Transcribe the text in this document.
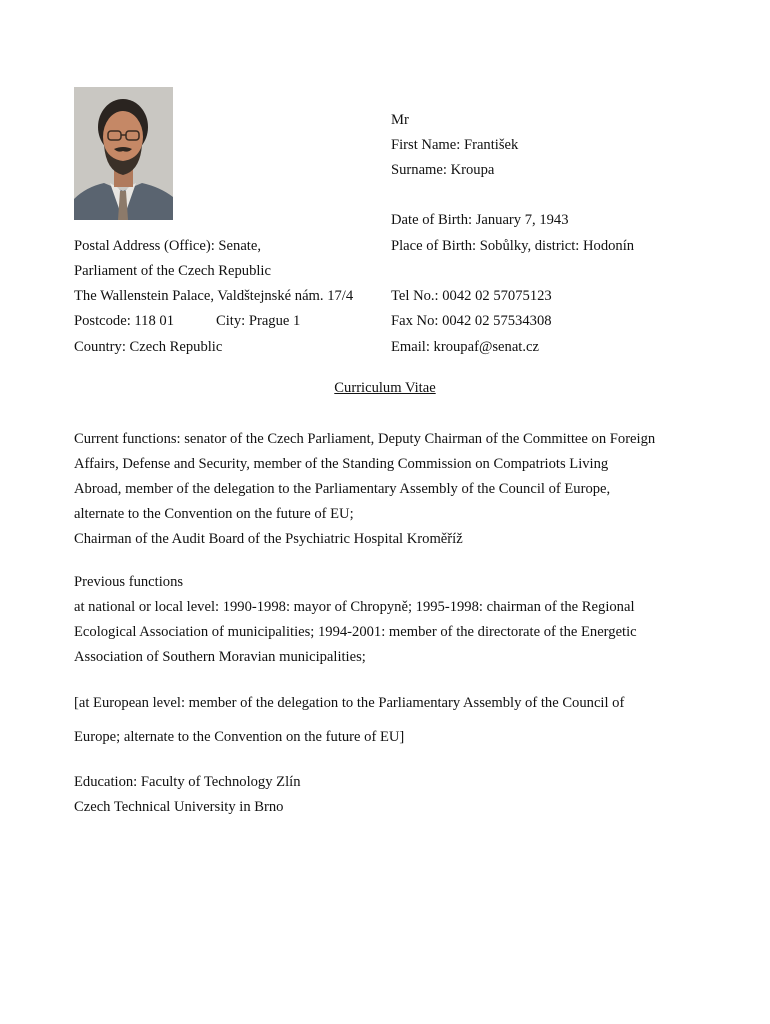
Mr
First Name: František
Surname: Kroupa
Date of Birth: January 7, 1943
Place of Birth: Sobůlky, district: Hodonín
Tel No.: 0042 02 57075123
Fax No: 0042 02 57534308
Email: kroupaf@senat.cz
Postal Address (Office): Senate,
Parliament of the Czech Republic
The Wallenstein Palace, Valdštejnské nám. 17/4
Postcode: 118 01	City: Prague 1
Country: Czech Republic
Curriculum Vitae
Current functions: senator of the Czech Parliament, Deputy Chairman of the Committee on Foreign
Affairs, Defense and Security, member of the Standing Commission on Compatriots Living
Abroad, member of the delegation to the Parliamentary Assembly of the Council of Europe,
alternate to the Convention on the future of EU;
Chairman of the Audit Board of the Psychiatric Hospital Kroměříž
Previous functions
at national or local level: 1990-1998: mayor of Chropyně; 1995-1998: chairman of the Regional
Ecological Association of municipalities; 1994-2001: member of the directorate of the Energetic
Association of Southern Moravian municipalities;
[at European level: member of the delegation to the Parliamentary Assembly of the Council of
Europe; alternate to the Convention on the future of EU]
Education: Faculty of Technology Zlín
Czech Technical University in Brno
